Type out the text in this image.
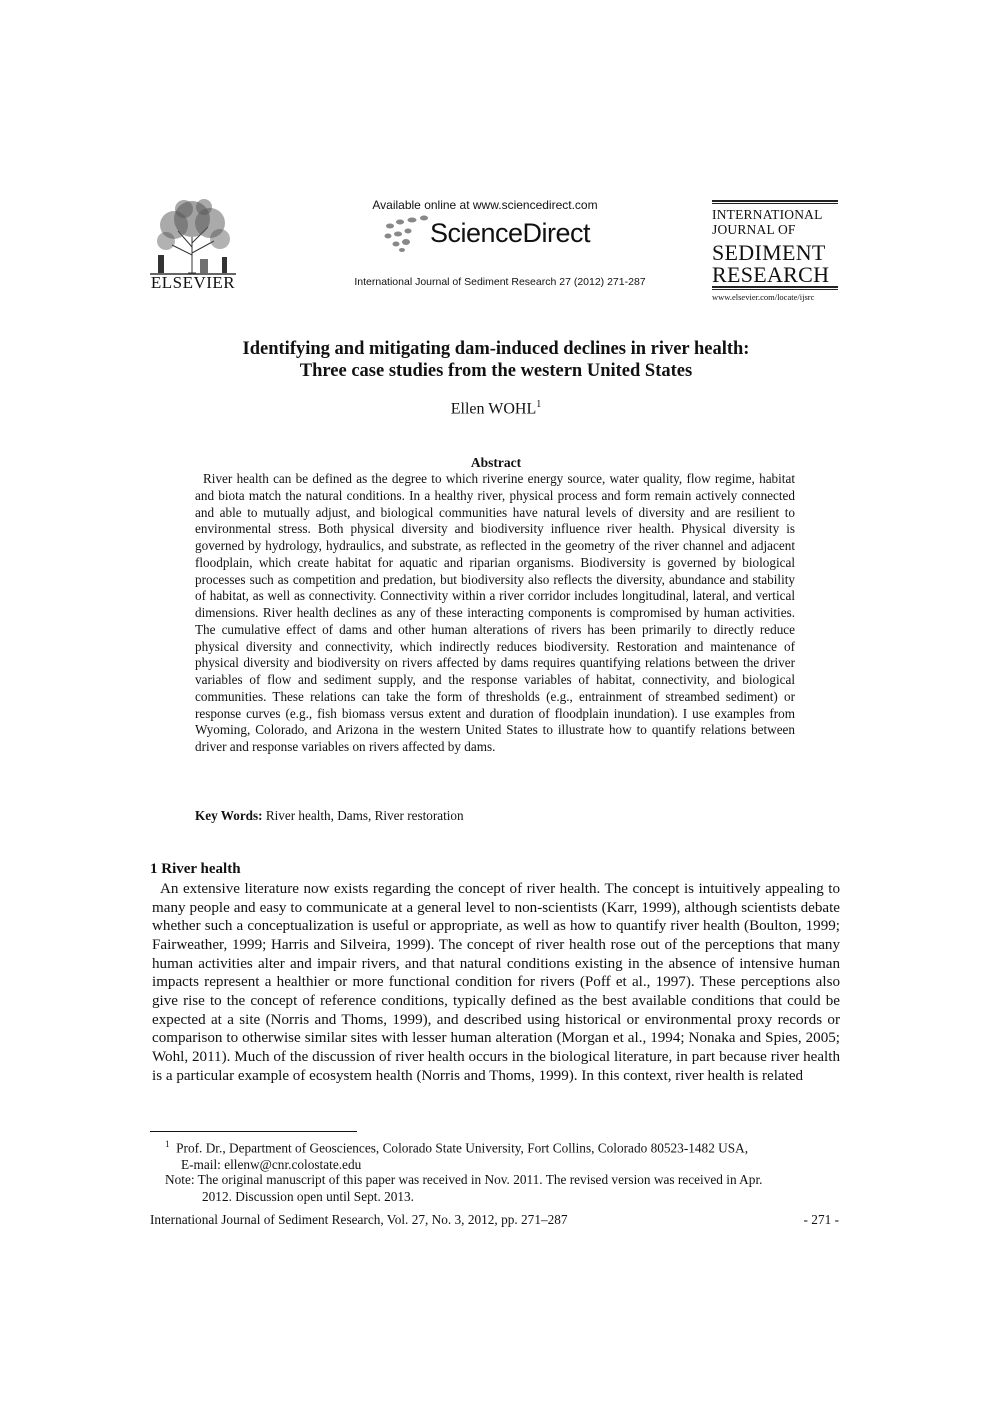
ELSEVIER
Available online at www.sciencedirect.com
ScienceDirect
International Journal of Sediment Research 27 (2012) 271-287
INTERNATIONAL
JOURNAL OF
SEDIMENT
RESEARCH
www.elsevier.com/locate/ijsrc
Identifying and mitigating dam-induced declines in river health:
Three case studies from the western United States
Ellen WOHL$^1$
Abstract

River health can be defined as the degree to which riverine energy source, water quality, flow regime, habitat and biota match the natural conditions. In a healthy river, physical process and form remain actively connected and able to mutually adjust, and biological communities have natural levels of diversity and are resilient to environmental stress. Both physical diversity and biodiversity influence river health. Physical diversity is governed by hydrology, hydraulics, and substrate, as reflected in the geometry of the river channel and adjacent floodplain, which create habitat for aquatic and riparian organisms. Biodiversity is governed by biological processes such as competition and predation, but biodiversity also reflects the diversity, abundance and stability of habitat, as well as connectivity. Connectivity within a river corridor includes longitudinal, lateral, and vertical dimensions. River health declines as any of these interacting components is compromised by human activities. The cumulative effect of dams and other human alterations of rivers has been primarily to directly reduce physical diversity and connectivity, which indirectly reduces biodiversity. Restoration and maintenance of physical diversity and biodiversity on rivers affected by dams requires quantifying relations between the driver variables of flow and sediment supply, and the response variables of habitat, connectivity, and biological communities. These relations can take the form of thresholds (e.g., entrainment of streambed sediment) or response curves (e.g., fish biomass versus extent and duration of floodplain inundation). I use examples from Wyoming, Colorado, and Arizona in the western United States to illustrate how to quantify relations between driver and response variables on rivers affected by dams.

Key Words: River health, Dams, River restoration
1 River health

An extensive literature now exists regarding the concept of river health. The concept is intuitively appealing to many people and easy to communicate at a general level to non-scientists (Karr, 1999), although scientists debate whether such a conceptualization is useful or appropriate, as well as how to quantify river health (Boulton, 1999; Fairweather, 1999; Harris and Silveira, 1999). The concept of river health rose out of the perceptions that many human activities alter and impair rivers, and that natural conditions existing in the absence of intensive human impacts represent a healthier or more functional condition for rivers (Poff et al., 1997). These perceptions also give rise to the concept of reference conditions, typically defined as the best available conditions that could be expected at a site (Norris and Thoms, 1999), and described using historical or environmental proxy records or comparison to otherwise similar sites with lesser human alteration (Morgan et al., 1994; Nonaka and Spies, 2005; Wohl, 2011). Much of the discussion of river health occurs in the biological literature, in part because river health is a particular example of ecosystem health (Norris and Thoms, 1999). In this context, river health is related

$^1$ Prof. Dr., Department of Geosciences, Colorado State University, Fort Collins, Colorado 80523-1482 USA,
E-mail: ellenw@cnr.colostate.edu
Note: The original manuscript of this paper was received in Nov. 2011. The revised version was received in Apr.
2012. Discussion open until Sept. 2013.
International Journal of Sediment Research, Vol. 27, No. 3, 2012, pp. 271–287	- 271 -
